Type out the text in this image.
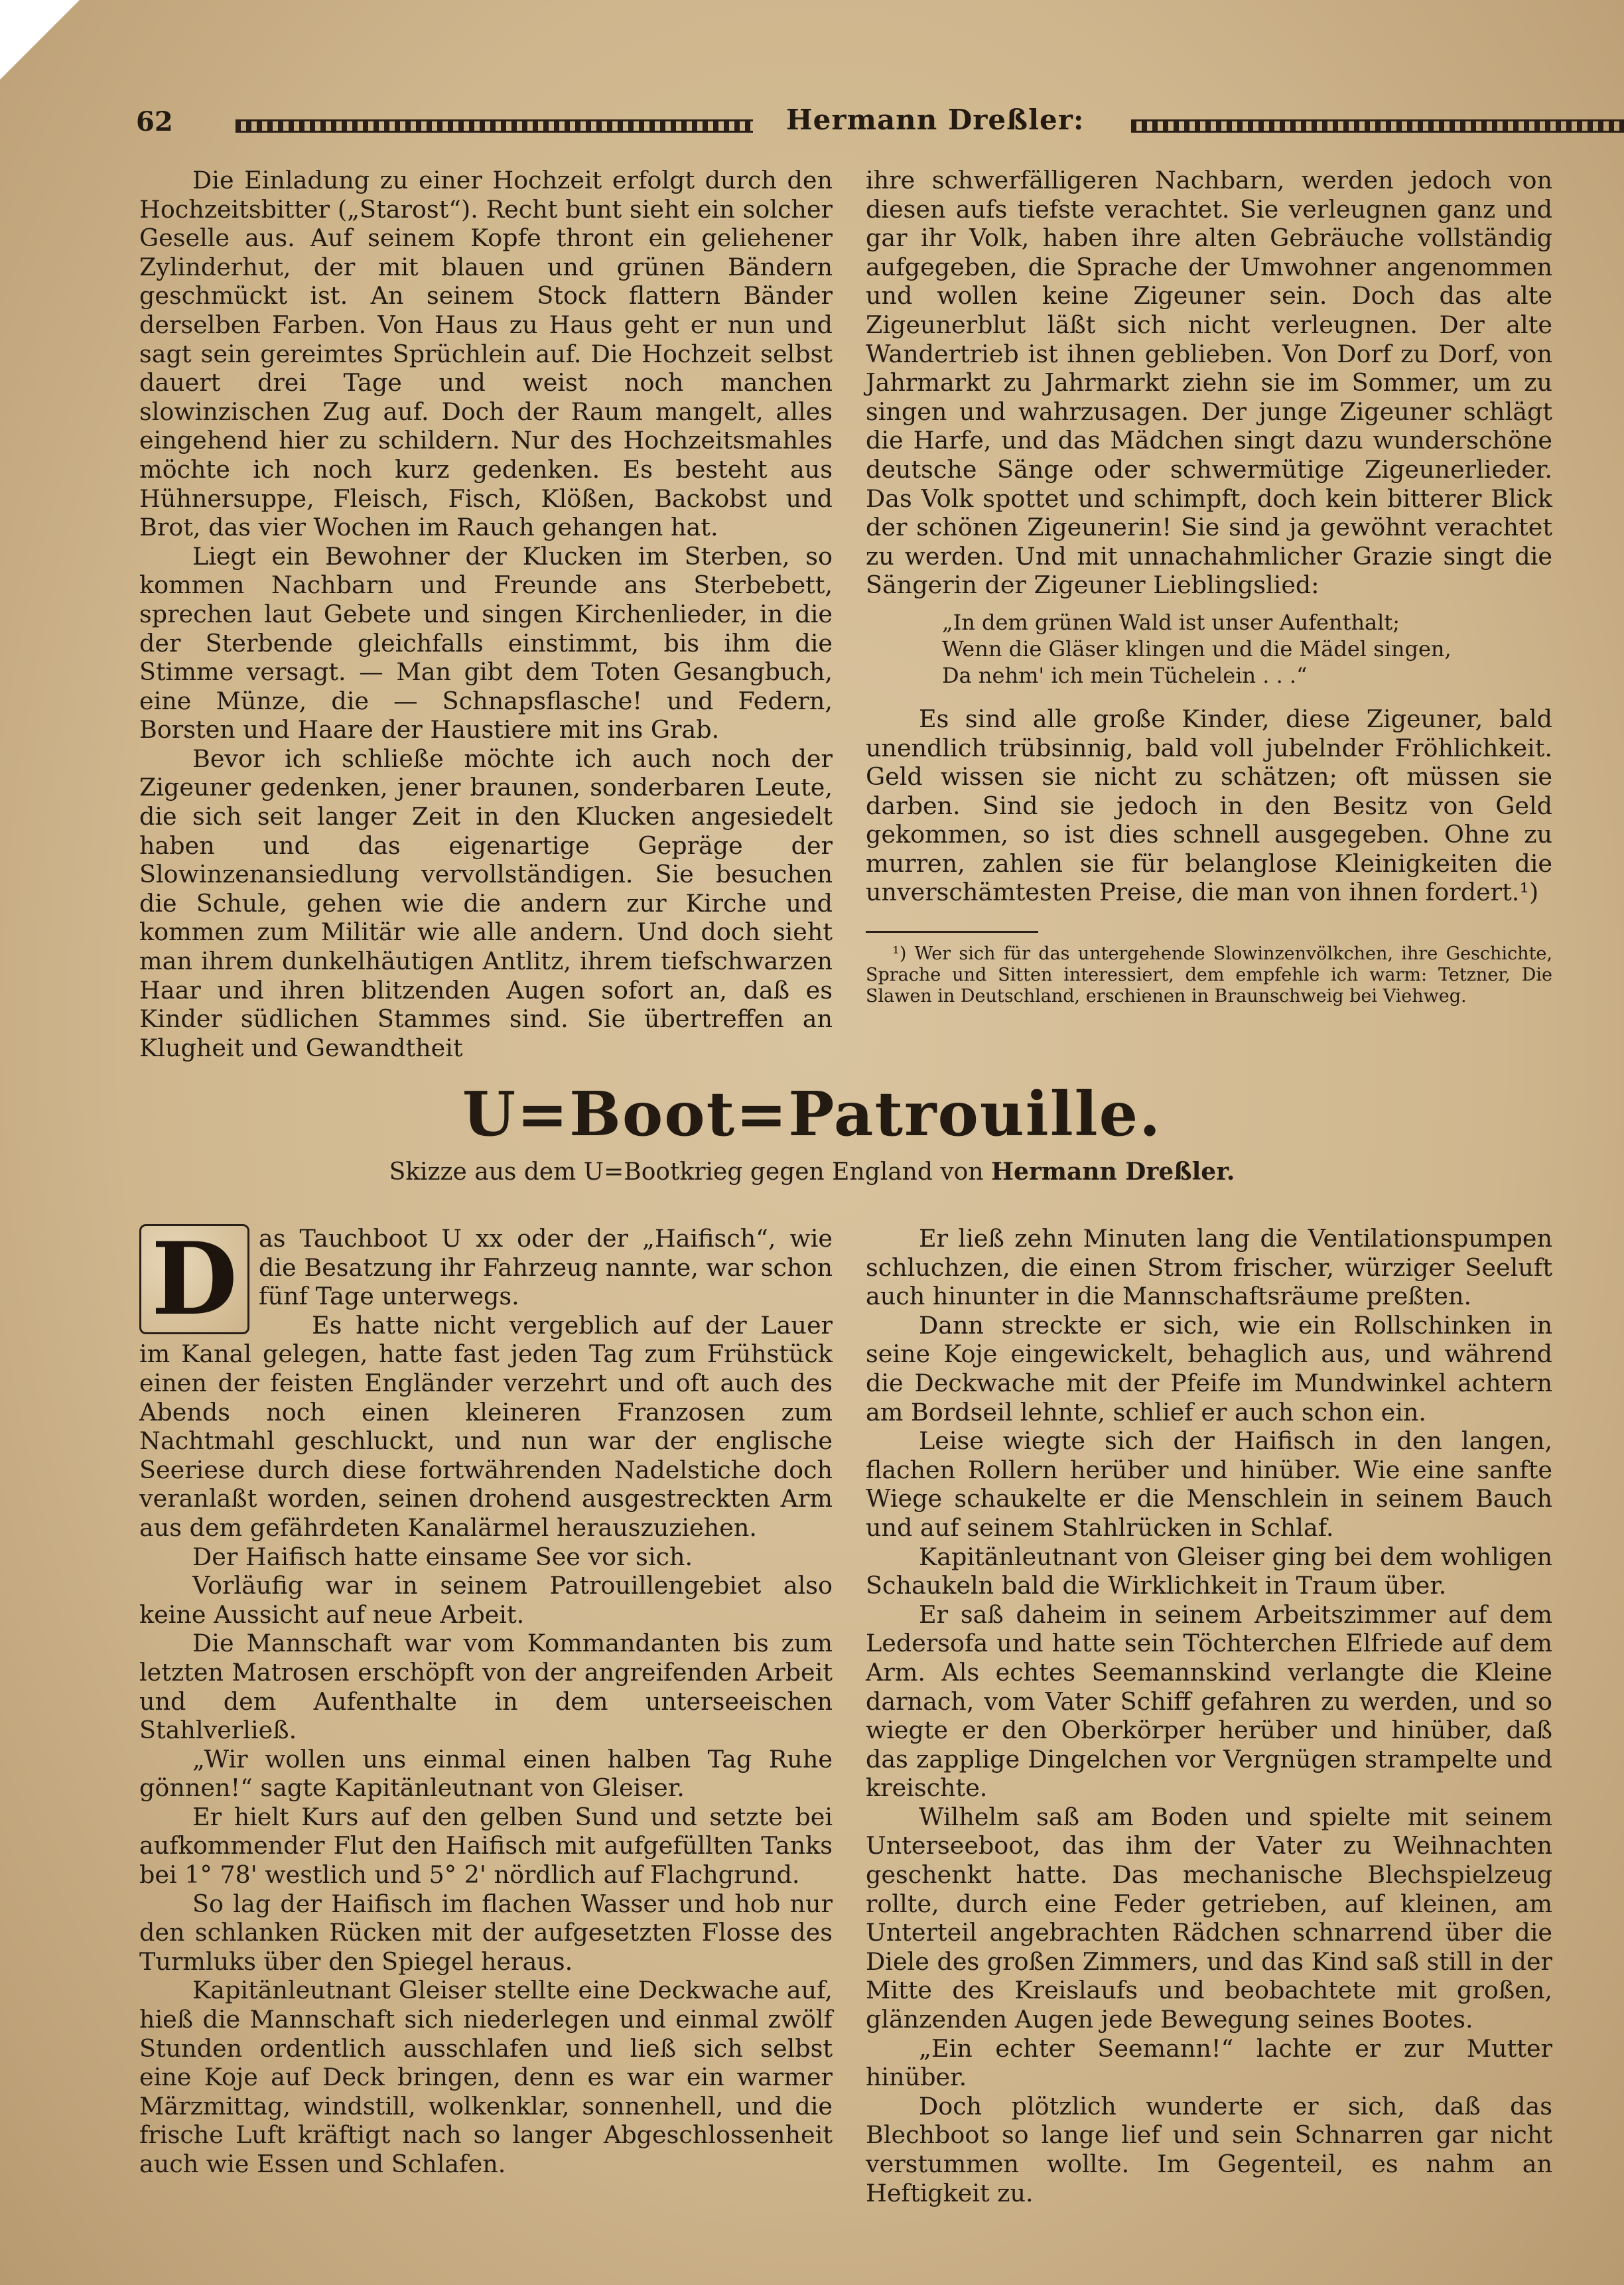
62	Hermann Dreßler:

Die Einladung zu einer Hochzeit erfolgt durch den Hochzeitsbitter („Starost“). Recht bunt sieht ein solcher Geselle aus. Auf seinem Kopfe thront ein geliehener Zylinderhut, der mit blauen und grünen Bändern geschmückt ist. An seinem Stock flattern Bänder derselben Farben. Von Haus zu Haus geht er nun und sagt sein gereimtes Sprüchlein auf. Die Hochzeit selbst dauert drei Tage und weist noch manchen slowinzischen Zug auf. Doch der Raum mangelt, alles eingehend hier zu schildern. Nur des Hochzeitsmahles möchte ich noch kurz gedenken. Es besteht aus Hühnersuppe, Fleisch, Fisch, Klößen, Backobst und Brot, das vier Wochen im Rauch gehangen hat.

Liegt ein Bewohner der Klucken im Sterben, so kommen Nachbarn und Freunde ans Sterbebett, sprechen laut Gebete und singen Kirchenlieder, in die der Sterbende gleichfalls einstimmt, bis ihm die Stimme versagt. — Man gibt dem Toten Gesangbuch, eine Münze, die — Schnapsflasche! und Federn, Borsten und Haare der Haustiere mit ins Grab.

Bevor ich schließe möchte ich auch noch der Zigeuner gedenken, jener braunen, sonderbaren Leute, die sich seit langer Zeit in den Klucken angesiedelt haben und das eigenartige Gepräge der Slowinzenansiedlung vervollständigen. Sie besuchen die Schule, gehen wie die andern zur Kirche und kommen zum Militär wie alle andern. Und doch sieht man ihrem dunkelhäutigen Antlitz, ihrem tiefschwarzen Haar und ihren blitzenden Augen sofort an, daß es Kinder südlichen Stammes sind. Sie übertreffen an Klugheit und Gewandtheit

ihre schwerfälligeren Nachbarn, werden jedoch von diesen aufs tiefste verachtet. Sie verleugnen ganz und gar ihr Volk, haben ihre alten Gebräuche vollständig aufgegeben, die Sprache der Umwohner angenommen und wollen keine Zigeuner sein. Doch das alte Zigeunerblut läßt sich nicht verleugnen. Der alte Wandertrieb ist ihnen geblieben. Von Dorf zu Dorf, von Jahrmarkt zu Jahrmarkt ziehn sie im Sommer, um zu singen und wahrzusagen. Der junge Zigeuner schlägt die Harfe, und das Mädchen singt dazu wunderschöne deutsche Sänge oder schwermütige Zigeunerlieder. Das Volk spottet und schimpft, doch kein bitterer Blick der schönen Zigeunerin! Sie sind ja gewöhnt verachtet zu werden. Und mit unnachahmlicher Grazie singt die Sängerin der Zigeuner Lieblingslied:

„In dem grünen Wald ist unser Aufenthalt;
Wenn die Gläser klingen und die Mädel singen,
Da nehm' ich mein Tüchelein . . .“

Es sind alle große Kinder, diese Zigeuner, bald unendlich trübsinnig, bald voll jubelnder Fröhlichkeit. Geld wissen sie nicht zu schätzen; oft müssen sie darben. Sind sie jedoch in den Besitz von Geld gekommen, so ist dies schnell ausgegeben. Ohne zu murren, zahlen sie für belanglose Kleinigkeiten die unverschämtesten Preise, die man von ihnen fordert.¹)

¹) Wer sich für das untergehende Slowinzenvölkchen, ihre Geschichte, Sprache und Sitten interessiert, dem empfehle ich warm: Tetzner, Die Slawen in Deutschland, erschienen in Braunschweig bei Viehweg.
U=Boot=Patrouille.
Skizze aus dem U=Bootkrieg gegen England von Hermann Dreßler.
D as Tauchboot U xx oder der „Haifisch“, wie die Besatzung ihr Fahrzeug nannte, war schon fünf Tage unterwegs.

Es hatte nicht vergeblich auf der Lauer im Kanal gelegen, hatte fast jeden Tag zum Frühstück einen der feisten Engländer verzehrt und oft auch des Abends noch einen kleineren Franzosen zum Nachtmahl geschluckt, und nun war der englische Seeriese durch diese fortwährenden Nadelstiche doch veranlaßt worden, seinen drohend ausgestreckten Arm aus dem gefährdeten Kanalärmel herauszuziehen.

Der Haifisch hatte einsame See vor sich.

Vorläufig war in seinem Patrouillengebiet also keine Aussicht auf neue Arbeit.

Die Mannschaft war vom Kommandanten bis zum letzten Matrosen erschöpft von der angreifenden Arbeit und dem Aufenthalte in dem unterseeischen Stahlverließ.

„Wir wollen uns einmal einen halben Tag Ruhe gönnen!“ sagte Kapitänleutnant von Gleiser.

Er hielt Kurs auf den gelben Sund und setzte bei aufkommender Flut den Haifisch mit aufgefüllten Tanks bei 1° 78' westlich und 5° 2' nördlich auf Flachgrund.

So lag der Haifisch im flachen Wasser und hob nur den schlanken Rücken mit der aufgesetzten Flosse des Turmluks über den Spiegel heraus.

Kapitänleutnant Gleiser stellte eine Deckwache auf, hieß die Mannschaft sich niederlegen und einmal zwölf Stunden ordentlich ausschlafen und ließ sich selbst eine Koje auf Deck bringen, denn es war ein warmer Märzmittag, windstill, wolkenklar, sonnenhell, und die frische Luft kräftigt nach so langer Abgeschlossenheit auch wie Essen und Schlafen.

Er ließ zehn Minuten lang die Ventilationspumpen schluchzen, die einen Strom frischer, würziger Seeluft auch hinunter in die Mannschaftsräume preßten.

Dann streckte er sich, wie ein Rollschinken in seine Koje eingewickelt, behaglich aus, und während die Deckwache mit der Pfeife im Mundwinkel achtern am Bordseil lehnte, schlief er auch schon ein.

Leise wiegte sich der Haifisch in den langen, flachen Rollern herüber und hinüber. Wie eine sanfte Wiege schaukelte er die Menschlein in seinem Bauch und auf seinem Stahlrücken in Schlaf.

Kapitänleutnant von Gleiser ging bei dem wohligen Schaukeln bald die Wirklichkeit in Traum über.

Er saß daheim in seinem Arbeitszimmer auf dem Ledersofa und hatte sein Töchterchen Elfriede auf dem Arm. Als echtes Seemannskind verlangte die Kleine darnach, vom Vater Schiff gefahren zu werden, und so wiegte er den Oberkörper herüber und hinüber, daß das zapplige Dingelchen vor Vergnügen strampelte und kreischte.

Wilhelm saß am Boden und spielte mit seinem Unterseeboot, das ihm der Vater zu Weihnachten geschenkt hatte. Das mechanische Blechspielzeug rollte, durch eine Feder getrieben, auf kleinen, am Unterteil angebrachten Rädchen schnarrend über die Diele des großen Zimmers, und das Kind saß still in der Mitte des Kreislaufs und beobachtete mit großen, glänzenden Augen jede Bewegung seines Bootes.

„Ein echter Seemann!“ lachte er zur Mutter hinüber.

Doch plötzlich wunderte er sich, daß das Blechboot so lange lief und sein Schnarren gar nicht verstummen wollte. Im Gegenteil, es nahm an Heftigkeit zu.
